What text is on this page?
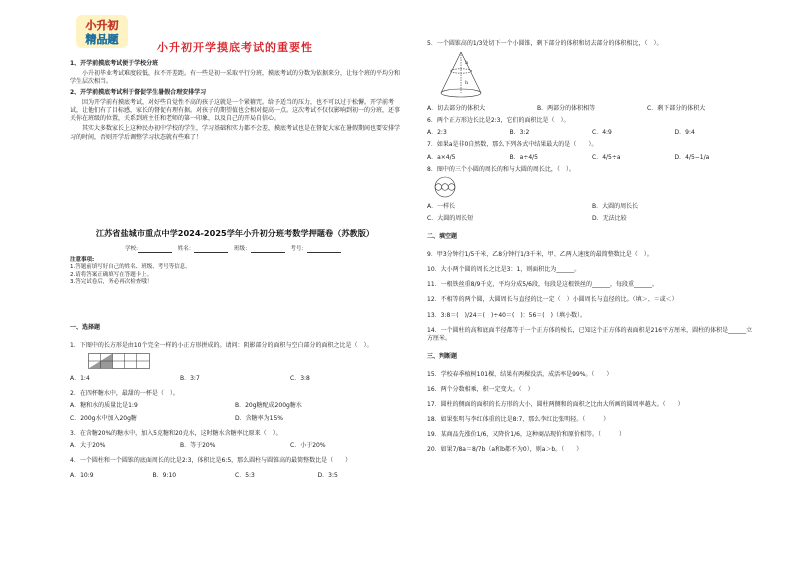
小升初
精品题
小升初开学摸底考试的重要性

1、开学前摸底考试便于学校分班

小升初毕业考试难度较低，拉不开差距。有一些是初一采取平行分班，摸底考试的分数为依据来分，让每个班的平均分和学生层次相当。

2、开学前摸底考试利于督促学生暑假合理安排学习

因为开学前有摸底考试，对好些自觉性不高的孩子这就是一个紧箍咒。给予适当的压力，也不可以过于松懈。开学前考试，让他们有了目标感，家长的督促有理有据。对孩子的期望值也会相对提高一点。这次考试不仅仅影响到初一的分班，还事关你在班级的位置，关系到班主任和老师的第一印象，以及自己的开局自信心。

其实大多数家长上这种民办初中学校的学生，学习基础和实力都不会差，摸底考试也是在督促大家在暑假期间也要安排学习的时间，否则开学后调整学习状态就有些难了！

江苏省盐城市重点中学2024-2025学年小升初分班考数学押题卷（苏教版）
学校:	姓名：	班级：	考号：

注意事项:

1.答题前填写好自己的姓名、班级、考号等信息。

2.请将答案正确填写在答题卡上。

3.答完试卷后，务必再次检查哦！

一、选择题

1．下图中的长方形是由10个完全一样的小正方形拼成的。请问：阴影部分的面积与空白部分的面积之比是（　）。

A．1:4	B．3:7	C．3:8

2．在四杯糖水中，最甜的一杯是（　）。

A．糖和水的质量比是1:9	B．20g糖配成200g糖水
C．200g水中加入20g糖	D．含糖率为15%

3．在含糖20%的糖水中，加入5克糖和20克水，这时糖水含糖率比原来（　）。

A．大于20%	B．等于20%	C．小于20%

4．一个圆柱和一个圆锥的底面周长的比是2:3，体积比是6:5，那么圆柱与圆锥高的最简整数比是（　　）

A．10:9	B．9:10	C．5:3	D．3:5

5．一个圆锥高的1/3处切下一个小圆锥，剩下部分的体积和切去部分的体积相比，（　）。

h
h
A．切去部分的体积大	B．两部分的体积相等	C．剩下部分的体积大

6．两个正方形边长比是2:3，它们的面积比是（　）。

A．2:3	B．3:2	C．4:9	D．9:4

7．如果a是非0自然数，那么下列各式中结果最大的是（　　）。

A．a×4/5	B．a÷4/5	C．4/5÷a	D．4/5−1/a

8．图中的三个小圆的周长的和与大圆的周长比，（　）。

A．一样长	B．大圆的周长长
C．大圆的周长短	D．无法比较

二、填空题

9．甲3分钟行1/5千米，乙8分钟行1/3千米，甲、乙两人速度的最简整数比是（　）。

10．大小两个圆的周长之比是3：1，则面积比为______。

11．一根铁丝重8/9千克，平均分成5/6段，每段是这根铁丝的______，每段重______。

12．不相等的两个圆，大圆周长与直径的比一定（　）小圆周长与直径的比。（填＞、＝或＜）

13．3:8＝(　)/24＝(　)÷40＝(　)：56＝(　)（填小数）。

14．一个圆柱的高和底面半径都等于一个正方体的棱长，已知这个正方体的表面积是216平方厘米，圆柱的体积是______立方厘米。

三、判断题

15．学校春季植树101棵，结果有两棵没活，成活率是99%。（　　）

16．两个分数相乘，积一定变大。（　）

17．圆柱的侧面的面积的长方形的大小，圆柱两侧和的面积之比由大所画的圆周率越大。（　　）

18．如果张明与李红体重的比是8:7，那么李红比张明轻。（　　　）

19．某商品先涨价1/6，又降价1/6，这种商品现价和原价相等。（　　　）

20．如果7/8a＝8/7b（a和b都不为0），则a＞b。（　　）
